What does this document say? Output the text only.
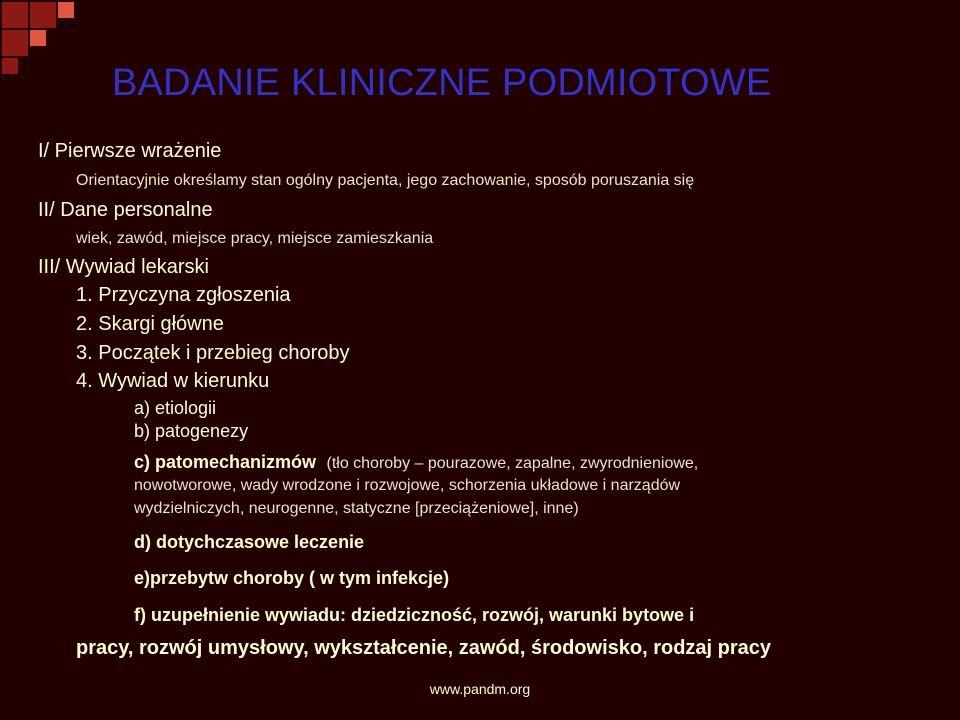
BADANIE KLINICZNE PODMIOTOWE
I/ Pierwsze wrażenie
Orientacyjnie określamy stan ogólny pacjenta, jego zachowanie, sposób poruszania się
II/ Dane personalne
wiek, zawód, miejsce pracy, miejsce zamieszkania
III/ Wywiad lekarski
1. Przyczyna zgłoszenia
2. Skargi główne
3. Początek i przebieg choroby
4. Wywiad w kierunku
a) etiologii
b) patogenezy
c) patomechanizmów (tło choroby – pourazowe, zapalne, zwyrodnieniowe,
nowotworowe, wady wrodzone i rozwojowe, schorzenia układowe i narządów
wydzielniczych, neurogenne, statyczne [przeciążeniowe], inne)
d) dotychczasowe leczenie
e)przebytw choroby ( w tym infekcje)
f) uzupełnienie wywiadu: dziedziczność, rozwój, warunki bytowe i
pracy, rozwój umysłowy, wykształcenie, zawód, środowisko, rodzaj pracy
www.pandm.org
